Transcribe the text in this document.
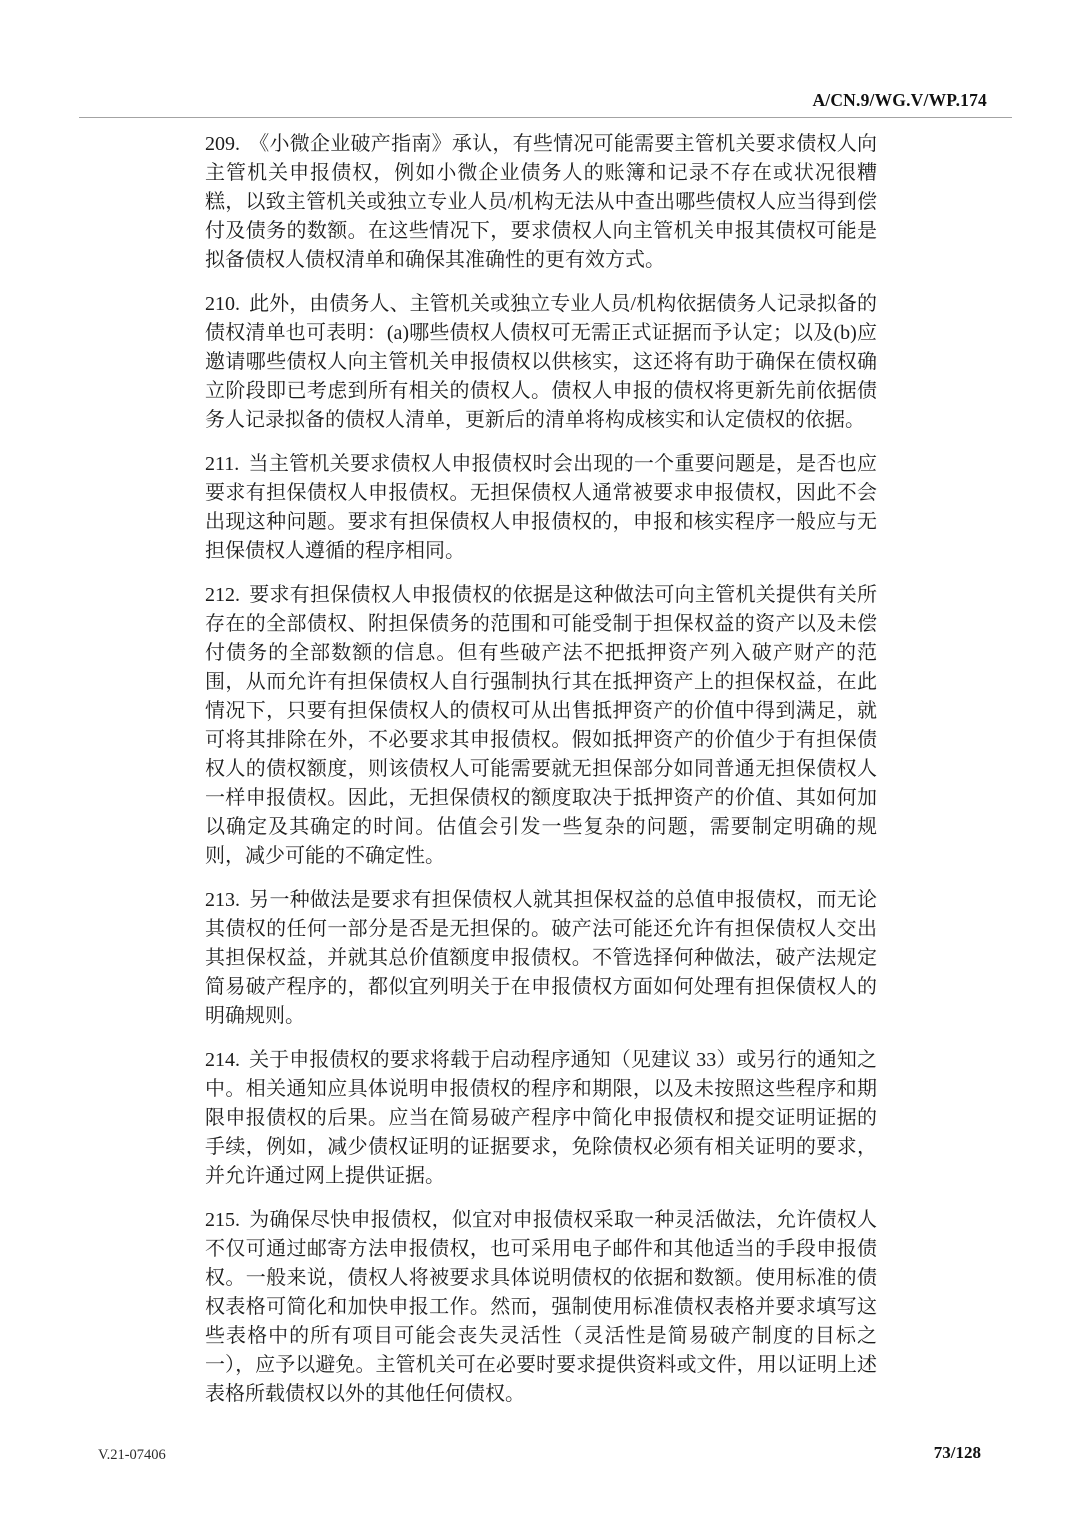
A/CN.9/WG.V/WP.174

209. 《小微企业破产指南》承认，有些情况可能需要主管机关要求债权人向主管机关申报债权，例如小微企业债务人的账簿和记录不存在或状况很糟糕，以致主管机关或独立专业人员/机构无法从中查出哪些债权人应当得到偿付及债务的数额。在这些情况下，要求债权人向主管机关申报其债权可能是拟备债权人债权清单和确保其准确性的更有效方式。

210. 此外，由债务人、主管机关或独立专业人员/机构依据债务人记录拟备的债权清单也可表明：(a)哪些债权人债权可无需正式证据而予认定；以及(b)应邀请哪些债权人向主管机关申报债权以供核实，这还将有助于确保在债权确立阶段即已考虑到所有相关的债权人。债权人申报的债权将更新先前依据债务人记录拟备的债权人清单，更新后的清单将构成核实和认定债权的依据。

211. 当主管机关要求债权人申报债权时会出现的一个重要问题是，是否也应要求有担保债权人申报债权。无担保债权人通常被要求申报债权，因此不会出现这种问题。要求有担保债权人申报债权的，申报和核实程序一般应与无担保债权人遵循的程序相同。

212. 要求有担保债权人申报债权的依据是这种做法可向主管机关提供有关所存在的全部债权、附担保债务的范围和可能受制于担保权益的资产以及未偿付债务的全部数额的信息。但有些破产法不把抵押资产列入破产财产的范围，从而允许有担保债权人自行强制执行其在抵押资产上的担保权益，在此情况下，只要有担保债权人的债权可从出售抵押资产的价值中得到满足，就可将其排除在外，不必要求其申报债权。假如抵押资产的价值少于有担保债权人的债权额度，则该债权人可能需要就无担保部分如同普通无担保债权人一样申报债权。因此，无担保债权的额度取决于抵押资产的价值、其如何加以确定及其确定的时间。估值会引发一些复杂的问题，需要制定明确的规则，减少可能的不确定性。

213. 另一种做法是要求有担保债权人就其担保权益的总值申报债权，而无论其债权的任何一部分是否是无担保的。破产法可能还允许有担保债权人交出其担保权益，并就其总价值额度申报债权。不管选择何种做法，破产法规定简易破产程序的，都似宜列明关于在申报债权方面如何处理有担保债权人的明确规则。

214. 关于申报债权的要求将载于启动程序通知（见建议 33）或另行的通知之中。相关通知应具体说明申报债权的程序和期限，以及未按照这些程序和期限申报债权的后果。应当在简易破产程序中简化申报债权和提交证明证据的手续，例如，减少债权证明的证据要求，免除债权必须有相关证明的要求，并允许通过网上提供证据。

215. 为确保尽快申报债权，似宜对申报债权采取一种灵活做法，允许债权人不仅可通过邮寄方法申报债权，也可采用电子邮件和其他适当的手段申报债权。一般来说，债权人将被要求具体说明债权的依据和数额。使用标准的债权表格可简化和加快申报工作。然而，强制使用标准债权表格并要求填写这些表格中的所有项目可能会丧失灵活性（灵活性是简易破产制度的目标之一），应予以避免。主管机关可在必要时要求提供资料或文件，用以证明上述表格所载债权以外的其他任何债权。

V.21-07406	73/128
